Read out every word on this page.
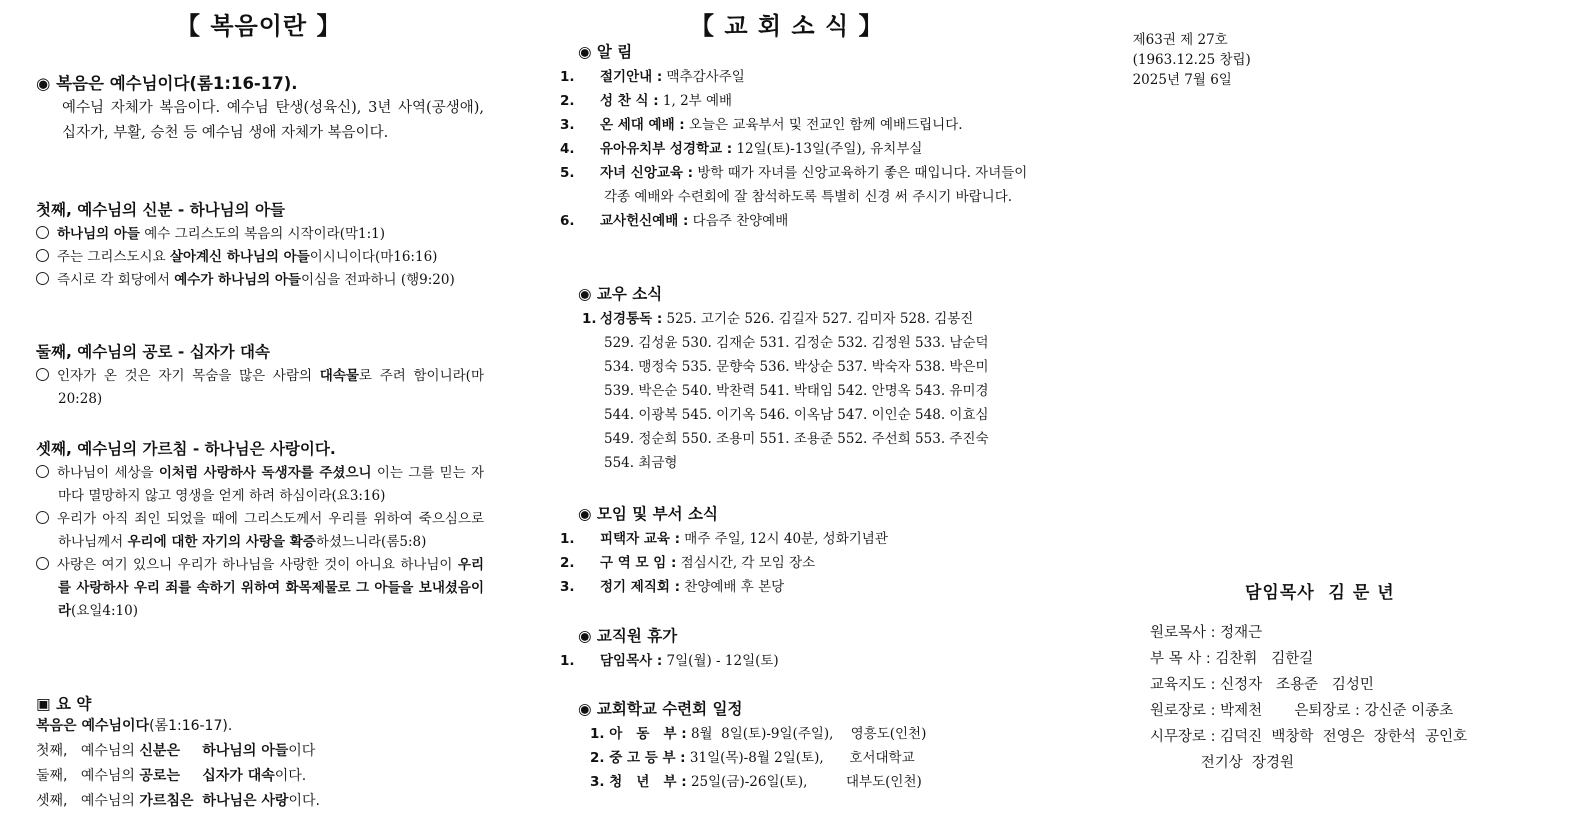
【 복음이란 】	【 교 회 소 식 】	제63권 제 27호
(1963.12.25 창립)
2025년 7월 6일

◉ 복음은 예수님이다(롬1:16-17).
예수님 자체가 복음이다. 예수님 탄생(성육신), 3년 사역(공생애), 십자가, 부활, 승천 등 예수님 생애 자체가 복음이다.
첫째, 예수님의 신분 - 하나님의 아들
하나님의 아들 예수 그리스도의 복음의 시작이라(막1:1)
주는 그리스도시요 살아계신 하나님의 아들이시니이다(마16:16)
즉시로 각 회당에서 예수가 하나님의 아들이심을 전파하니 (행9:20)
둘째, 예수님의 공로 - 십자가 대속
인자가 온 것은 자기 목숨을 많은 사람의 대속물로 주려 함이니라(마20:28)
셋째, 예수님의 가르침 - 하나님은 사랑이다.
하나님이 세상을 이처럼 사랑하사 독생자를 주셨으니 이는 그를 믿는 자마다 멸망하지 않고 영생을 얻게 하려 하심이라(요3:16)
우리가 아직 죄인 되었을 때에 그리스도께서 우리를 위하여 죽으심으로 하나님께서 우리에 대한 자기의 사랑을 확증하셨느니라(롬5:8)
사랑은 여기 있으니 우리가 하나님을 사랑한 것이 아니요 하나님이 우리를 사랑하사 우리 죄를 속하기 위하여 화목제물로 그 아들을 보내셨음이라(요일4:10)
▣ 요 약
복음은 예수님이다(롬1:16-17).
첫째,   예수님의 신분은 하나님의 아들이다
둘째,   예수님의 공로는 십자가 대속이다.
셋째,   예수님의 가르침은 하나님은 사랑이다.
◉ 알 림
1. 절기안내 : 맥추감사주일
2. 성 찬 식 : 1, 2부 예배
3. 온 세대 예배 : 오늘은 교육부서 및 전교인 함께 예배드립니다.
4. 유아유치부 성경학교 : 12일(토)-13일(주일), 유치부실
5. 자녀 신앙교육 : 방학 때가 자녀를 신앙교육하기 좋은 때입니다. 자녀들이 각종 예배와 수련회에 잘 참석하도록 특별히 신경 써 주시기 바랍니다.
6. 교사헌신예배 : 다음주 찬양예배
◉ 교우 소식
1. 성경통독 : 525. 고기순 526. 김길자 527. 김미자 528. 김봉진
529. 김성윤 530. 김재순 531. 김정순 532. 김정원 533. 남순덕
534. 맹정숙 535. 문향숙 536. 박상순 537. 박숙자 538. 박은미
539. 박은순 540. 박찬력 541. 박태임 542. 안명옥 543. 유미경
544. 이광복 545. 이기옥 546. 이옥남 547. 이인순 548. 이효심
549. 정순희 550. 조용미 551. 조용준 552. 주선희 553. 주진숙
554. 최금형
◉ 모임 및 부서 소식
1. 피택자 교육 : 매주 주일, 12시 40분, 성화기념관
2. 구 역 모 임 : 점심시간, 각 모임 장소
3. 정기 제직회 : 찬양예배 후 본당
◉ 교직원 휴가
1. 담임목사 : 7일(월) - 12일(토)
◉ 교회학교 수련회 일정
1. 아   동   부 : 8월  8일(토)-9일(주일),    영흥도(인천)
2. 중 고 등 부 : 31일(목)-8월 2일(토),      호서대학교
3. 청   년   부 : 25일(금)-26일(토),         대부도(인천)
담임목사  김 문 년
원로목사 : 정재근
부 목 사 : 김찬휘   김한길
교육지도 : 신정자   조용준   김성민
원로장로 : 박제천       은퇴장로 : 강신준 이종초
시무장로 : 김덕진  백창학  전영은  장한석  공인호
전기상  장경원
